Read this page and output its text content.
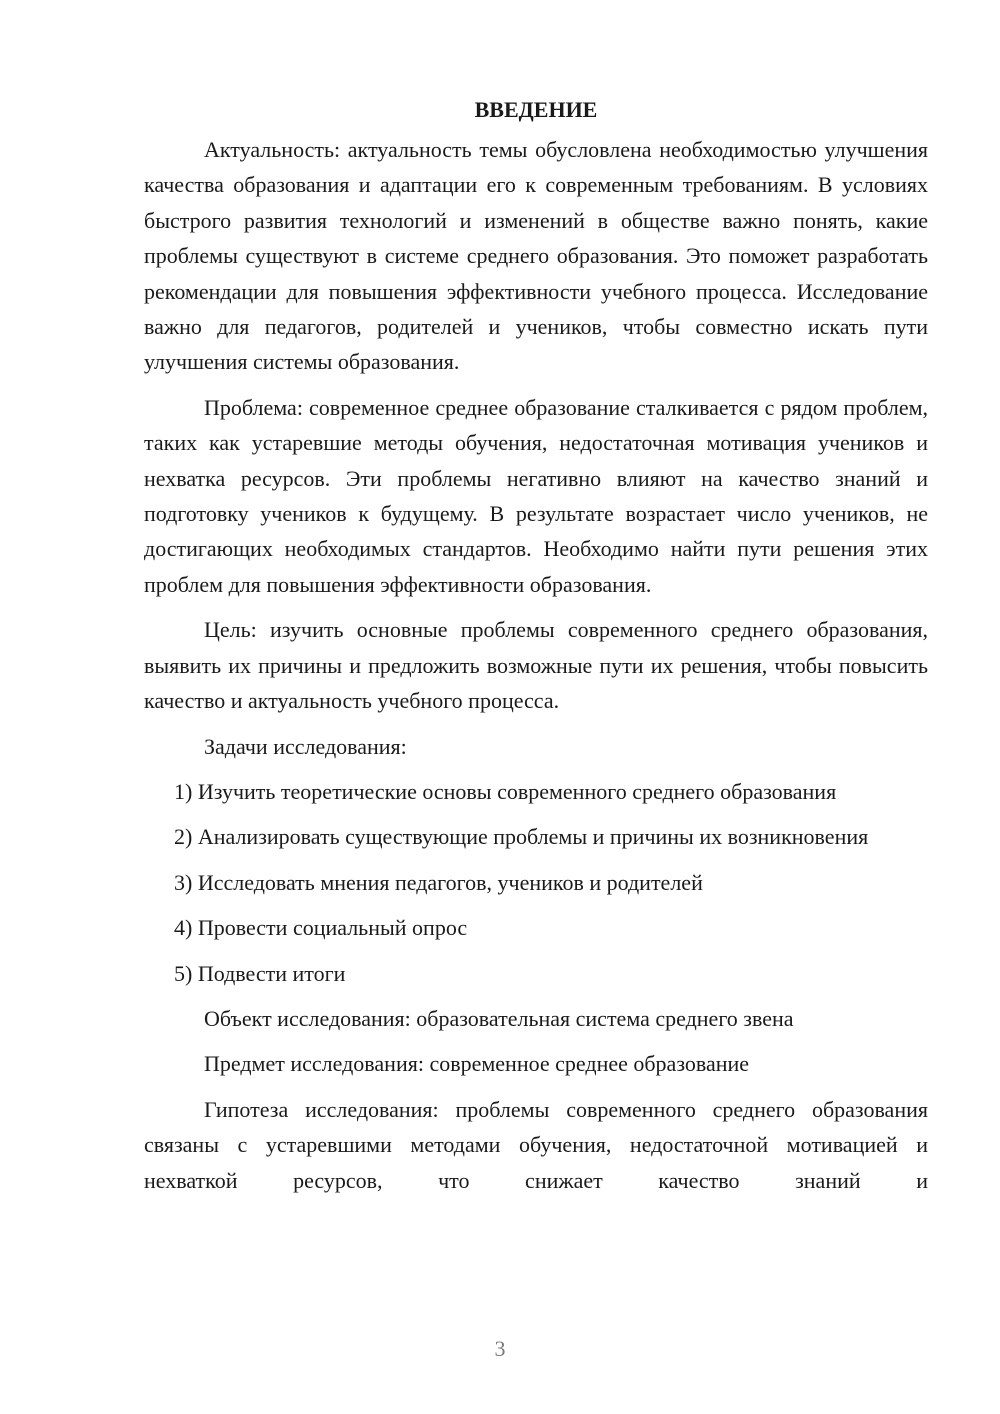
ВВЕДЕНИЕ

Актуальность: актуальность темы обусловлена необходимостью улучшения качества образования и адаптации его к современным требованиям. В условиях быстрого развития технологий и изменений в обществе важно понять, какие проблемы существуют в системе среднего образования. Это поможет разработать рекомендации для повышения эффективности учебного процесса. Исследование важно для педагогов, родителей и учеников, чтобы совместно искать пути улучшения системы образования.

Проблема: современное среднее образование сталкивается с рядом проблем, таких как устаревшие методы обучения, недостаточная мотивация учеников и нехватка ресурсов. Эти проблемы негативно влияют на качество знаний и подготовку учеников к будущему. В результате возрастает число учеников, не достигающих необходимых стандартов. Необходимо найти пути решения этих проблем для повышения эффективности образования.

Цель: изучить основные проблемы современного среднего образования, выявить их причины и предложить возможные пути их решения, чтобы повысить качество и актуальность учебного процесса.

Задачи исследования:

1) Изучить теоретические основы современного среднего образования

2) Анализировать существующие проблемы и причины их возникновения

3) Исследовать мнения педагогов, учеников и родителей

4) Провести социальный опрос

5) Подвести итоги

Объект исследования: образовательная система среднего звена

Предмет исследования: современное среднее образование

Гипотеза исследования: проблемы современного среднего образования связаны с устаревшими методами обучения, недостаточной мотивацией и нехваткой ресурсов, что снижает качество знаний и

3
